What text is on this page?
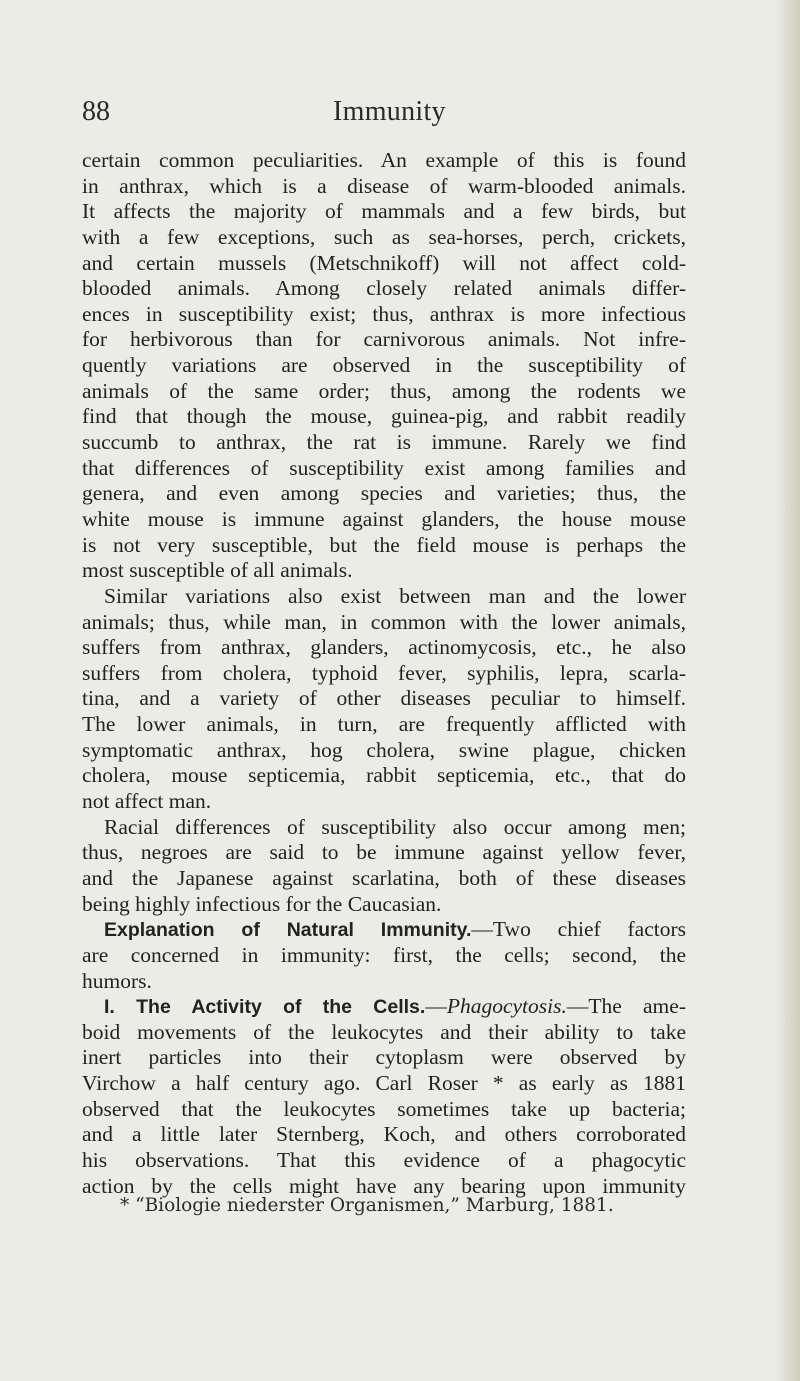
88	Immunity
certain common peculiarities. An example of this is found
in anthrax, which is a disease of warm-blooded animals.
It affects the majority of mammals and a few birds, but
with a few exceptions, such as sea-horses, perch, crickets,
and certain mussels (Metschnikoff) will not affect cold-
blooded animals. Among closely related animals differ-
ences in susceptibility exist; thus, anthrax is more infectious
for herbivorous than for carnivorous animals. Not infre-
quently variations are observed in the susceptibility of
animals of the same order; thus, among the rodents we
find that though the mouse, guinea-pig, and rabbit readily
succumb to anthrax, the rat is immune. Rarely we find
that differences of susceptibility exist among families and
genera, and even among species and varieties; thus, the
white mouse is immune against glanders, the house mouse
is not very susceptible, but the field mouse is perhaps the
most susceptible of all animals.
Similar variations also exist between man and the lower
animals; thus, while man, in common with the lower animals,
suffers from anthrax, glanders, actinomycosis, etc., he also
suffers from cholera, typhoid fever, syphilis, lepra, scarla-
tina, and a variety of other diseases peculiar to himself.
The lower animals, in turn, are frequently afflicted with
symptomatic anthrax, hog cholera, swine plague, chicken
cholera, mouse septicemia, rabbit septicemia, etc., that do
not affect man.
Racial differences of susceptibility also occur among men;
thus, negroes are said to be immune against yellow fever,
and the Japanese against scarlatina, both of these diseases
being highly infectious for the Caucasian.
Explanation of Natural Immunity.—Two chief factors
are concerned in immunity: first, the cells; second, the
humors.
I. The Activity of the Cells.—Phagocytosis.—The ame-
boid movements of the leukocytes and their ability to take
inert particles into their cytoplasm were observed by
Virchow a half century ago. Carl Roser * as early as 1881
observed that the leukocytes sometimes take up bacteria;
and a little later Sternberg, Koch, and others corroborated
his observations. That this evidence of a phagocytic
action by the cells might have any bearing upon immunity
* “Biologie niederster Organismen,” Marburg, 1881.
